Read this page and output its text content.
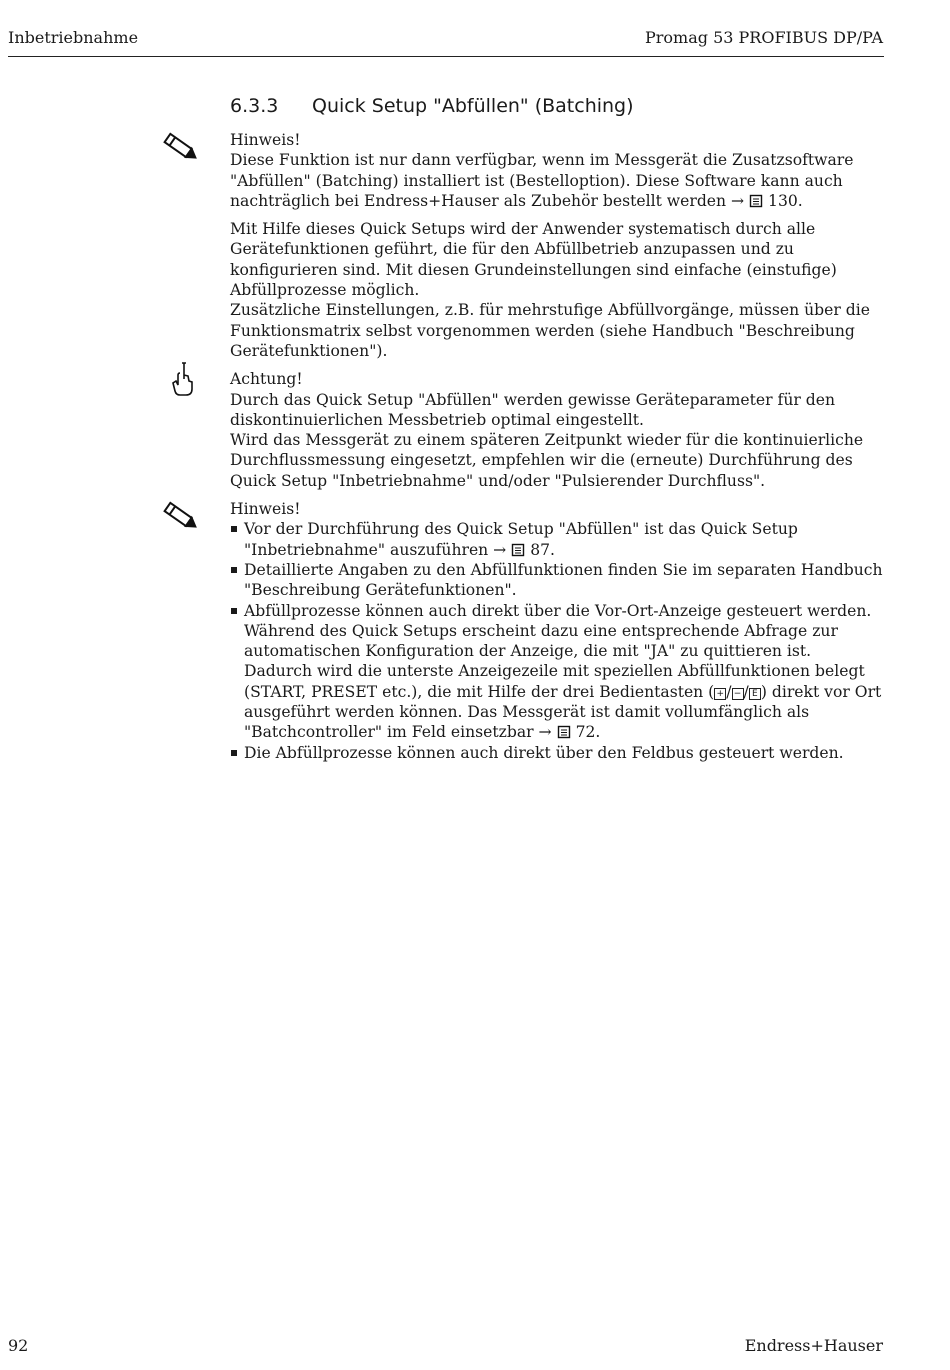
Inbetriebnahme	Promag 53 PROFIBUS DP/PA
6.3.3	Quick Setup "Abfüllen" (Batching)
Hinweis!

Diese Funktion ist nur dann verfügbar, wenn im Messgerät die Zusatzsoftware "Abfüllen" (Batching) installiert ist (Bestelloption). Diese Software kann auch nachträglich bei Endress+Hauser als Zubehör bestellt werden → 130.

Mit Hilfe dieses Quick Setups wird der Anwender systematisch durch alle Gerätefunktionen geführt, die für den Abfüllbetrieb anzupassen und zu konfigurieren sind. Mit diesen Grundeinstellungen sind einfache (einstufige) Abfüllprozesse möglich.

Zusätzliche Einstellungen, z.B. für mehrstufige Abfüllvorgänge, müssen über die Funktionsmatrix selbst vorgenommen werden (siehe Handbuch "Beschreibung Gerätefunktionen").

Achtung!

Durch das Quick Setup "Abfüllen" werden gewisse Geräteparameter für den diskontinuierlichen Messbetrieb optimal eingestellt.

Wird das Messgerät zu einem späteren Zeitpunkt wieder für die kontinuierliche Durchflussmessung eingesetzt, empfehlen wir die (erneute) Durchführung des Quick Setup "Inbetriebnahme" und/oder "Pulsierender Durchfluss".

Hinweis!
Vor der Durchführung des Quick Setup "Abfüllen" ist das Quick Setup "Inbetriebnahme" auszuführen → 87.
Detaillierte Angaben zu den Abfüllfunktionen finden Sie im separaten Handbuch "Beschreibung Gerätefunktionen".
Abfüllprozesse können auch direkt über die Vor-Ort-Anzeige gesteuert werden. Während des Quick Setups erscheint dazu eine entsprechende Abfrage zur automatischen Konfiguration der Anzeige, die mit "JA" zu quittieren ist.
Dadurch wird die unterste Anzeigezeile mit speziellen Abfüllfunktionen belegt (START, PRESET etc.), die mit Hilfe der drei Bedientasten ( + / − / E ) direkt vor Ort ausgeführt werden können. Das Messgerät ist damit vollumfänglich als "Batchcontroller" im Feld einsetzbar → 72.
Die Abfüllprozesse können auch direkt über den Feldbus gesteuert werden.
92	Endress+Hauser
